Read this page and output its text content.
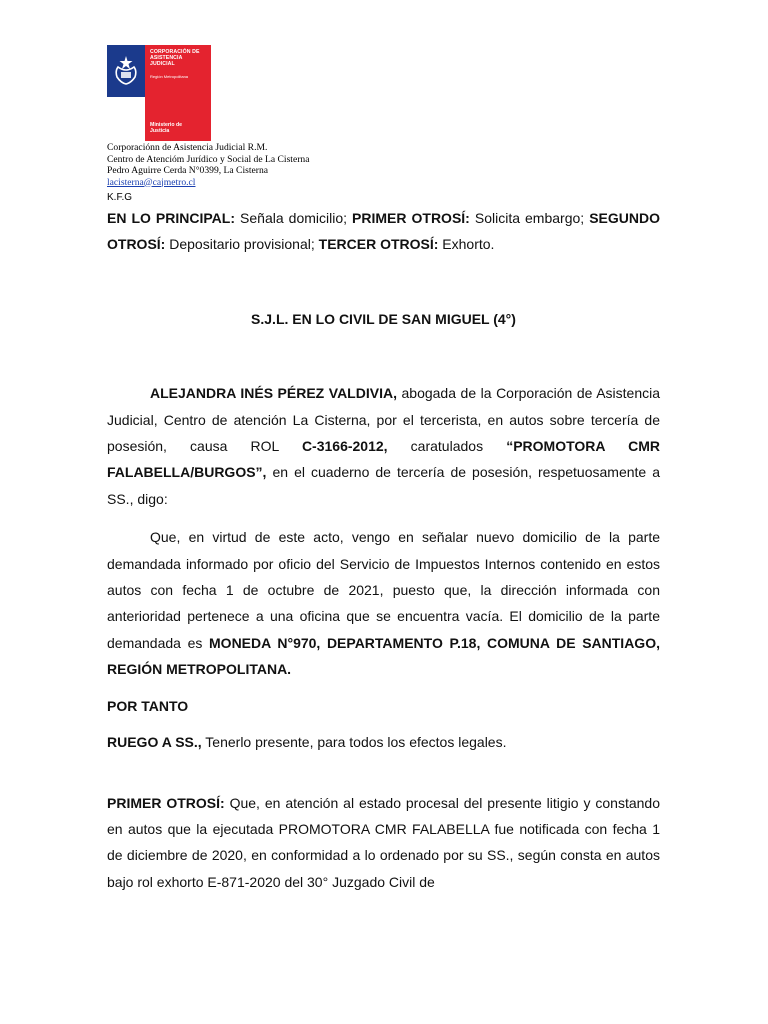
CORPORACIÓN DE
ASISTENCIA
JUDICIAL
Región Metropolitana
Ministerio de
Justicia
Corporaciónn de Asistencia Judicial R.M.
Centro de Atencióm Jurídico y Social de La Cisterna
Pedro Aguirre Cerda N°0399, La Cisterna
lacisterna@cajmetro.cl
K.F.G

EN LO PRINCIPAL: Señala domicilio; PRIMER OTROSÍ: Solicita embargo; SEGUNDO OTROSÍ: Depositario provisional; TERCER OTROSÍ: Exhorto.

S.J.L. EN LO CIVIL DE SAN MIGUEL (4°)

ALEJANDRA INÉS PÉREZ VALDIVIA, abogada de la Corporación de Asistencia Judicial, Centro de atención La Cisterna, por el tercerista, en autos sobre tercería de posesión, causa ROL C-3166-2012, caratulados “PROMOTORA CMR FALABELLA/BURGOS”, en el cuaderno de tercería de posesión, respetuosamente a SS., digo:

Que, en virtud de este acto, vengo en señalar nuevo domicilio de la parte demandada informado por oficio del Servicio de Impuestos Internos contenido en estos autos con fecha 1 de octubre de 2021, puesto que, la dirección informada con anterioridad pertenece a una oficina que se encuentra vacía. El domicilio de la parte demandada es MONEDA N°970, DEPARTAMENTO P.18, COMUNA DE SANTIAGO, REGIÓN METROPOLITANA.

POR TANTO

RUEGO A SS., Tenerlo presente, para todos los efectos legales.

PRIMER OTROSÍ: Que, en atención al estado procesal del presente litigio y constando en autos que la ejecutada PROMOTORA CMR FALABELLA fue notificada con fecha 1 de diciembre de 2020, en conformidad a lo ordenado por su SS., según consta en autos bajo rol exhorto E-871-2020 del 30° Juzgado Civil de
